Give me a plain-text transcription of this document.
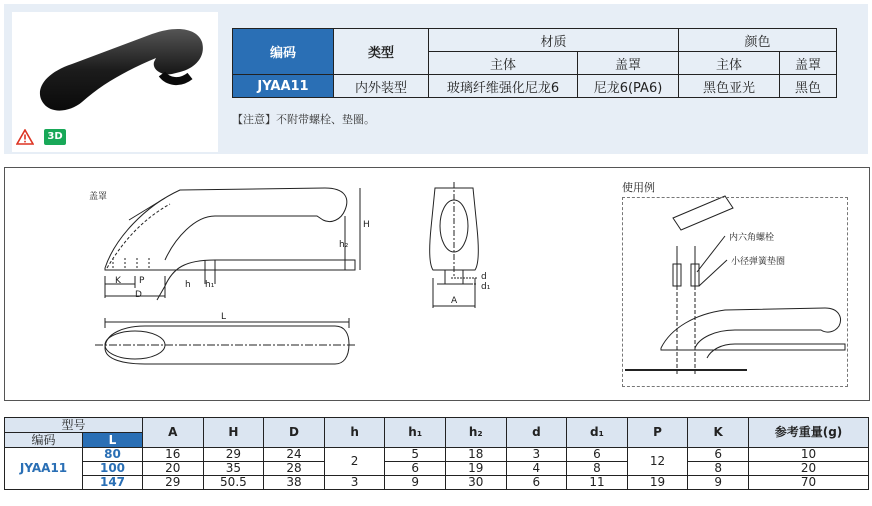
3D
编码	类型	材质		颜色	
		主体	盖罩	主体	盖罩
JYAA11	内外装型	玻璃纤维强化尼龙6	尼龙6(PA6)	黑色亚光	黑色
【注意】不附带螺栓、垫圈。
盖罩
H
h₂
h h₁
K P
D
L
A
d
d₁
内六角螺栓
小径弹簧垫圈
使用例
型号		A	H	D	h	h₁	h₂	d	d₁	P	K	参考重量(g)
编码	L											
JYAA11	80	16	29	24	2	5	18	3	6	12	6	10
	100	20	35	28		6	19	4	8		8	20
	147	29	50.5	38	3	9	30	6	11	19	9	70
